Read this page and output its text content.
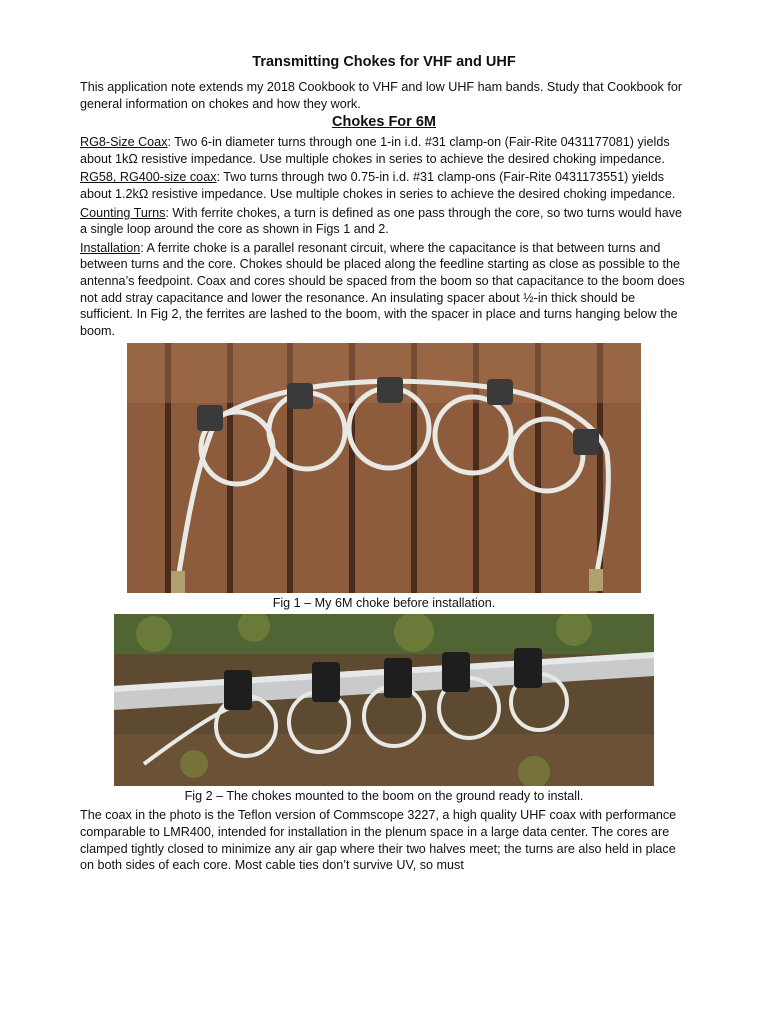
Transmitting Chokes for VHF and UHF

This application note extends my 2018 Cookbook to VHF and low UHF ham bands. Study that Cookbook for general information on chokes and how they work.

Chokes For 6M

RG8-Size Coax: Two 6-in diameter turns through one 1-in i.d. #31 clamp-on (Fair-Rite 0431177081) yields about 1kΩ resistive impedance. Use multiple chokes in series to achieve the desired choking impedance.

RG58, RG400-size coax: Two turns through two 0.75-in i.d. #31 clamp-ons (Fair-Rite 0431173551) yields about 1.2kΩ resistive impedance. Use multiple chokes in series to achieve the desired choking impedance.

Counting Turns: With ferrite chokes, a turn is defined as one pass through the core, so two turns would have a single loop around the core as shown in Figs 1 and 2.

Installation: A ferrite choke is a parallel resonant circuit, where the capacitance is that between turns and between turns and the core. Chokes should be placed along the feedline starting as close as possible to the antenna’s feedpoint. Coax and cores should be spaced from the boom so that capacitance to the boom does not add stray capacitance and lower the resonance. An insulating spacer about ½-in thick should be sufficient. In Fig 2, the ferrites are lashed to the boom, with the spacer in place and turns hanging below the boom.

Fig 1 – My 6M choke before installation.
Fig 2 – The chokes mounted to the boom on the ground ready to install.

The coax in the photo is the Teflon version of Commscope 3227, a high quality UHF coax with performance comparable to LMR400, intended for installation in the plenum space in a large data center. The cores are clamped tightly closed to minimize any air gap where their two halves meet; the turns are also held in place on both sides of each core. Most cable ties don’t survive UV, so must
